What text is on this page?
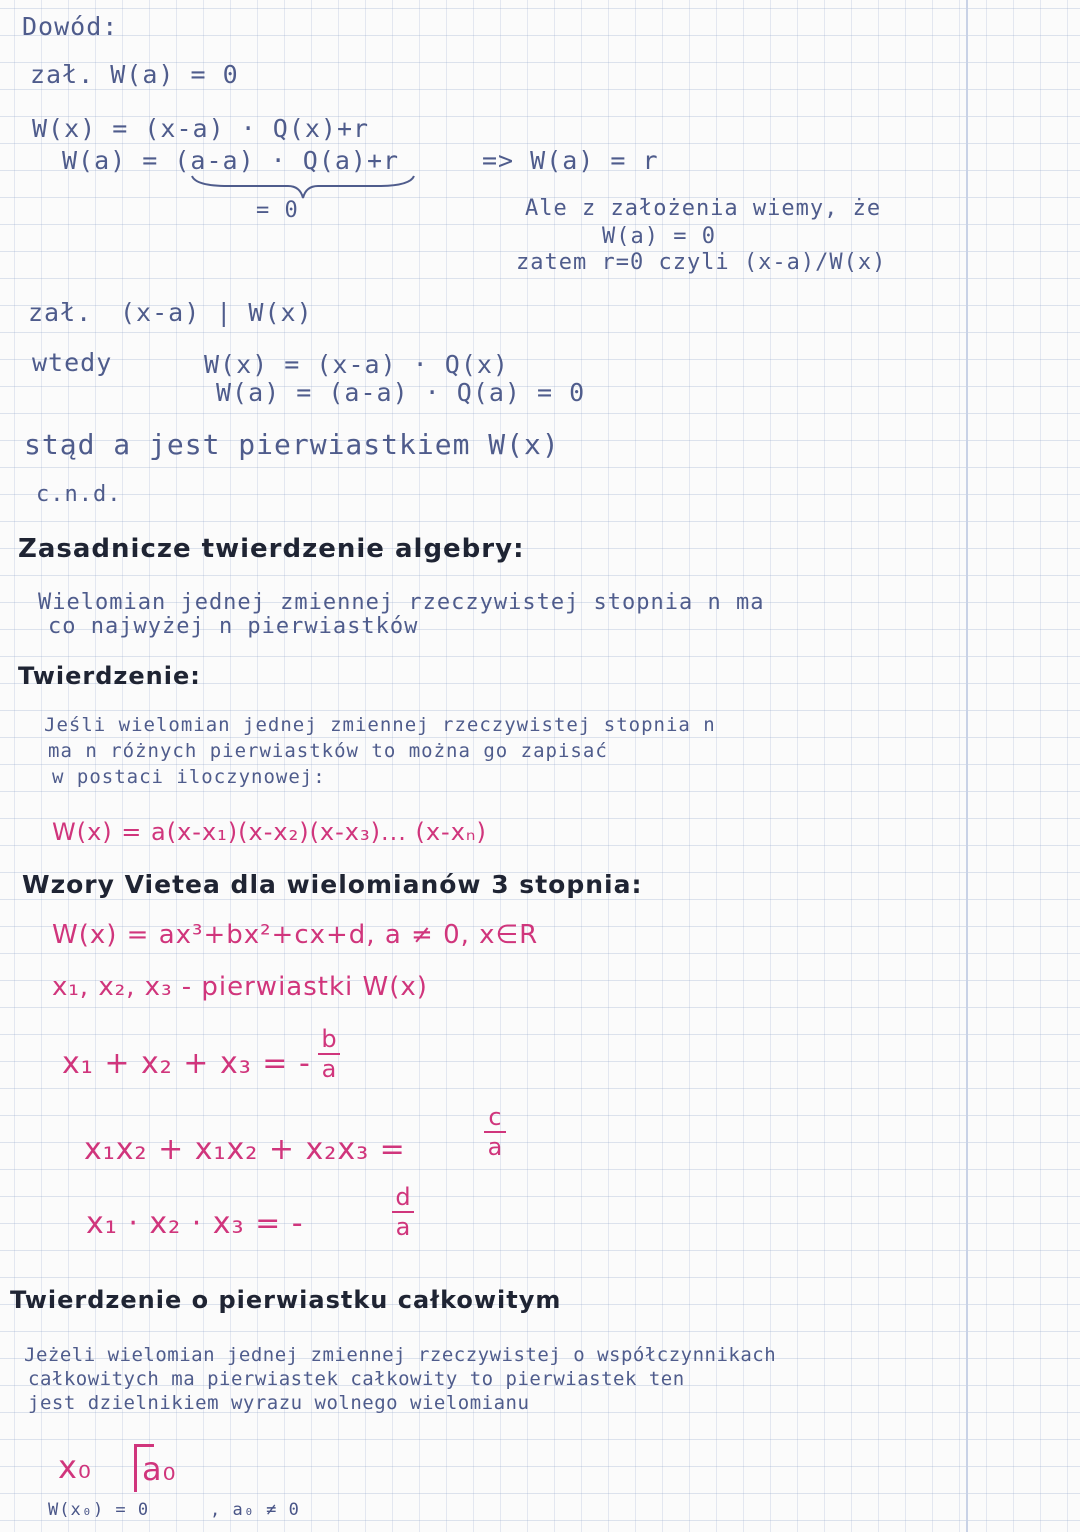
Dowód:

zał. W(a) = 0

W(x) = (x-a) · Q(x)+r

W(a) = (a-a) · Q(a)+r	=> W(a) = r

= 0	Ale z założenia wiemy, że

W(a) = 0

zatem r=0 czyli (x-a)/W(x)

zał. (x-a) | W(x)

wtedy	W(x) = (x-a) · Q(x)

W(a) = (a-a) · Q(a) = 0

stąd a jest pierwiastkiem W(x)

c.n.d.

Zasadnicze twierdzenie algebry:

Wielomian jednej zmiennej rzeczywistej stopnia n ma

co najwyżej n pierwiastków

Twierdzenie:

Jeśli wielomian jednej zmiennej rzeczywistej stopnia n

ma n różnych pierwiastków to można go zapisać

w postaci iloczynowej:

W(x) = a(x-x₁)(x-x₂)(x-x₃)... (x-xₙ)

Wzory Vietea dla wielomianów 3 stopnia:

W(x) = ax³+bx²+cx+d, a ≠ 0, x∈R

x₁, x₂, x₃ - pierwiastki W(x)

x₁ + x₂ + x₃ = -

b
a

x₁x₂ + x₁x₂ + x₂x₃ =

c
a

x₁ · x₂ · x₃ = -

d
a

Twierdzenie o pierwiastku całkowitym

Jeżeli wielomian jednej zmiennej rzeczywistej o współczynnikach

całkowitych ma pierwiastek całkowity to pierwiastek ten

jest dzielnikiem wyrazu wolnego wielomianu

x₀ a₀

W(x₀) = 0	, a₀ ≠ 0
